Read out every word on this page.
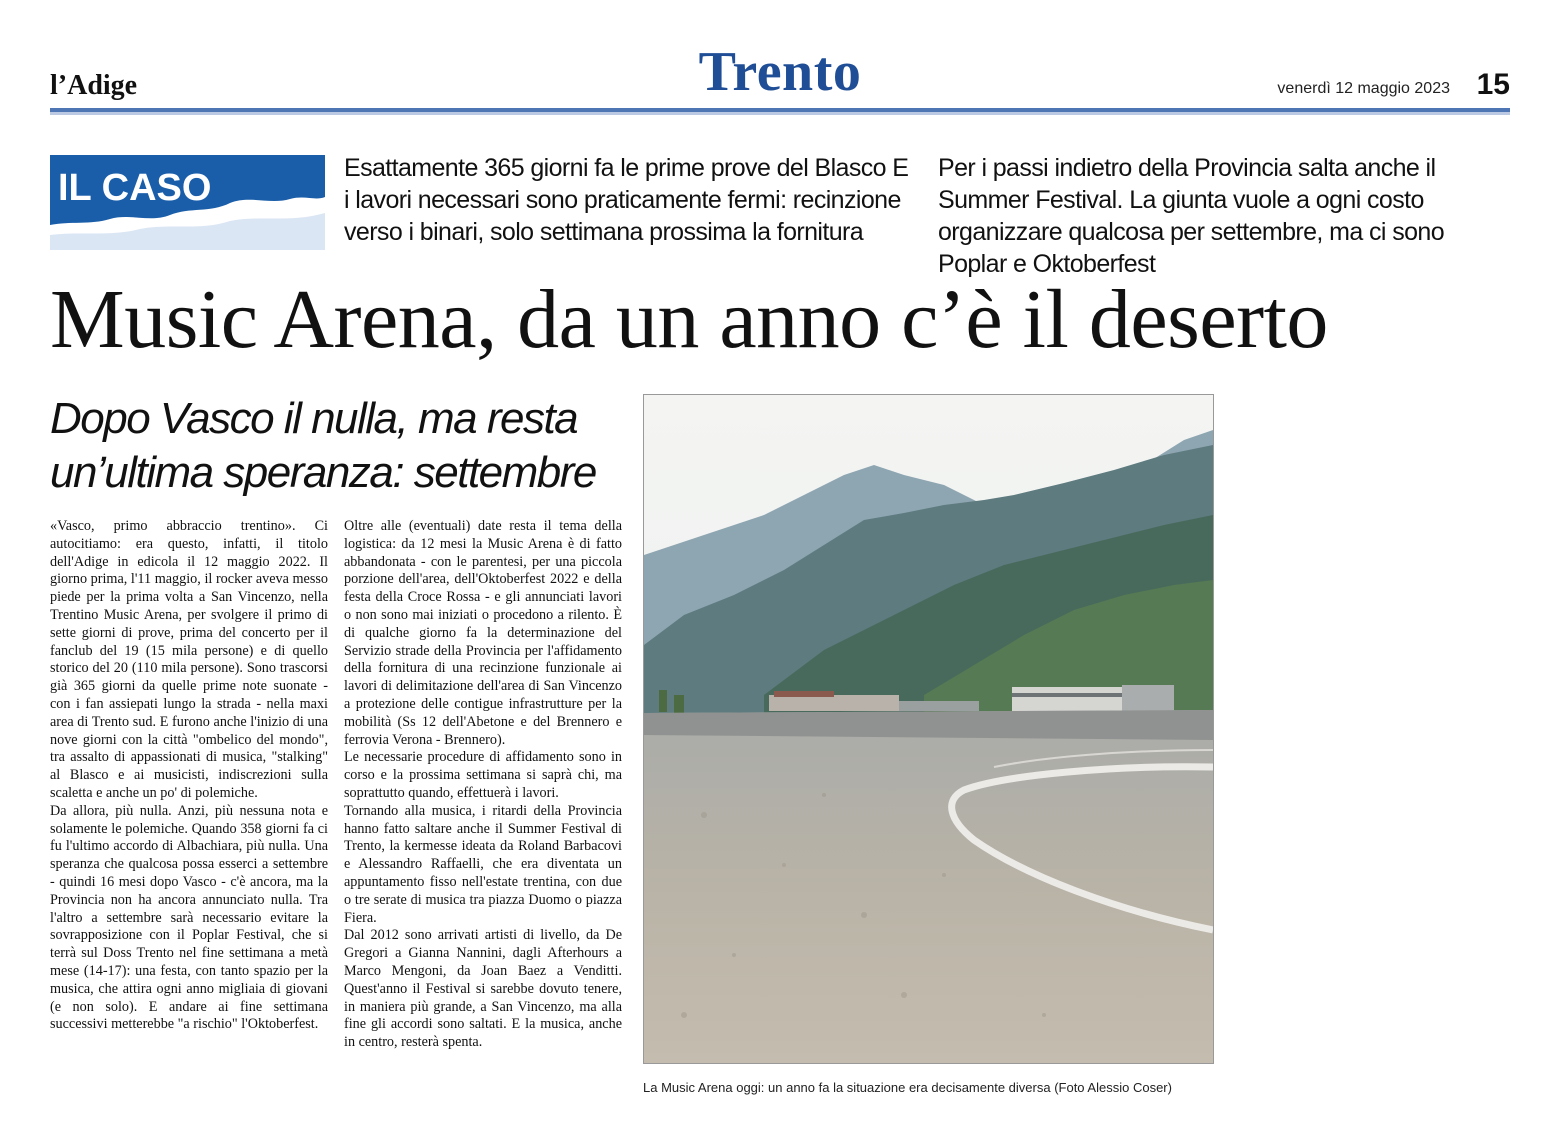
l’Adige	Trento	venerdì 12 maggio 2023 15
IL CASO	Esattamente 365 giorni fa le prime prove del Blasco E i lavori necessari sono praticamente fermi: recinzione verso i binari, solo settimana prossima la fornitura
Per i passi indietro della Provincia salta anche il Summer Festival. La giunta vuole a ogni costo organizzare qualcosa per settembre, ma ci sono Poplar e Oktoberfest
Music Arena, da un anno c’è il deserto
Dopo Vasco il nulla, ma resta un’ultima speranza: settembre

«Vasco, primo abbraccio trentino». Ci autocitiamo: era questo, infatti, il titolo dell'Adige in edicola il 12 maggio 2022. Il giorno prima, l'11 maggio, il rocker aveva messo piede per la prima volta a San Vincenzo, nella Trentino Music Arena, per svolgere il primo di sette giorni di prove, prima del concerto per il fanclub del 19 (15 mila persone) e di quello storico del 20 (110 mila persone). Sono trascorsi già 365 giorni da quelle prime note suonate - con i fan assiepati lungo la strada - nella maxi area di Trento sud. E furono anche l'inizio di una nove giorni con la città "ombelico del mondo", tra assalto di appassionati di musica, "stalking" al Blasco e ai musicisti, indiscrezioni sulla scaletta e anche un po' di polemiche.

Da allora, più nulla. Anzi, più nessuna nota e solamente le polemiche. Quando 358 giorni fa ci fu l'ultimo accordo di Albachiara, più nulla. Una speranza che qualcosa possa esserci a settembre - quindi 16 mesi dopo Vasco - c'è ancora, ma la Provincia non ha ancora annunciato nulla. Tra l'altro a settembre sarà necessario evitare la sovrapposizione con il Poplar Festival, che si terrà sul Doss Trento nel fine settimana a metà mese (14-17): una festa, con tanto spazio per la musica, che attira ogni anno migliaia di giovani (e non solo). E andare ai fine settimana successivi metterebbe "a rischio" l'Oktoberfest.

Oltre alle (eventuali) date resta il tema della logistica: da 12 mesi la Music Arena è di fatto abbandonata - con le parentesi, per una piccola porzione dell'area, dell'Oktoberfest 2022 e della festa della Croce Rossa - e gli annunciati lavori o non sono mai iniziati o procedono a rilento. È di qualche giorno fa la determinazione del Servizio strade della Provincia per l'affidamento della fornitura di una recinzione funzionale ai lavori di delimitazione dell'area di San Vincenzo a protezione delle contigue infrastrutture per la mobilità (Ss 12 dell'Abetone e del Brennero e ferrovia Verona - Brennero).

Le necessarie procedure di affidamento sono in corso e la prossima settimana si saprà chi, ma soprattutto quando, effettuerà i lavori.

Tornando alla musica, i ritardi della Provincia hanno fatto saltare anche il Summer Festival di Trento, la kermesse ideata da Roland Barbacovi e Alessandro Raffaelli, che era diventata un appuntamento fisso nell'estate trentina, con due o tre serate di musica tra piazza Duomo o piazza Fiera.

Dal 2012 sono arrivati artisti di livello, da De Gregori a Gianna Nannini, dagli Afterhours a Marco Mengoni, da Joan Baez a Venditti. Quest'anno il Festival si sarebbe dovuto tenere, in maniera più grande, a San Vincenzo, ma alla fine gli accordi sono saltati. E la musica, anche in centro, resterà spenta.

La Music Arena oggi: un anno fa la situazione era decisamente diversa (Foto Alessio Coser)
